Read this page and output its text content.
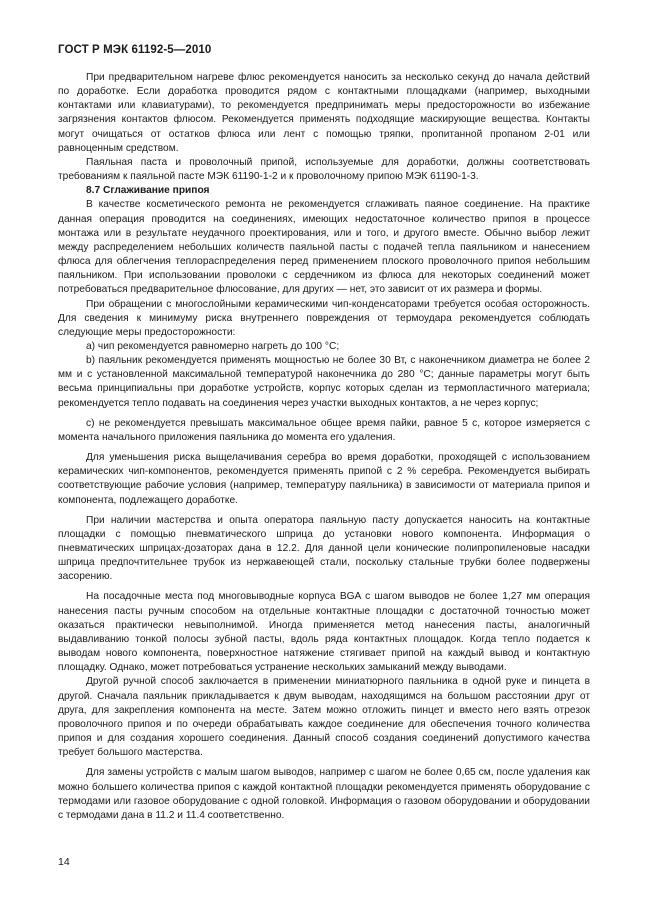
ГОСТ Р МЭК 61192-5—2010

При предварительном нагреве флюс рекомендуется наносить за несколько секунд до начала действий по доработке. Если доработка проводится рядом с контактными площадками (например, выходными контактами или клавиатурами), то рекомендуется предпринимать меры предосторожности во избежание загрязнения контактов флюсом. Рекомендуется применять подходящие маскирующие вещества. Контакты могут очищаться от остатков флюса или лент с помощью тряпки, пропитанной пропаном 2-01 или равноценным средством.

Паяльная паста и проволочный припой, используемые для доработки, должны соответствовать требованиям к паяльной пасте МЭК 61190-1-2 и к проволочному припою МЭК 61190-1-3.

8.7 Сглаживание припоя

В качестве косметического ремонта не рекомендуется сглаживать паяное соединение. На практике данная операция проводится на соединениях, имеющих недостаточное количество припоя в процессе монтажа или в результате неудачного проектирования, или и того, и другого вместе. Обычно выбор лежит между распределением небольших количеств паяльной пасты с подачей тепла паяльником и нанесением флюса для облегчения теплораспределения перед применением плоского проволочного припоя небольшим паяльником. При использовании проволоки с сердечником из флюса для некоторых соединений может потребоваться предварительное флюсование, для других — нет, это зависит от их размера и формы.

При обращении с многослойными керамическими чип-конденсаторами требуется особая осторожность. Для сведения к минимуму риска внутреннего повреждения от термоудара рекомендуется соблюдать следующие меры предосторожности:

a) чип рекомендуется равномерно нагреть до 100 °C;

b) паяльник рекомендуется применять мощностью не более 30 Вт, с наконечником диаметра не более 2 мм и с установленной максимальной температурой наконечника до 280 °C; данные параметры могут быть весьма принципиальны при доработке устройств, корпус которых сделан из термопластичного материала; рекомендуется тепло подавать на соединения через участки выходных контактов, а не через корпус;

c) не рекомендуется превышать максимальное общее время пайки, равное 5 с, которое измеряется с момента начального приложения паяльника до момента его удаления.

Для уменьшения риска выщелачивания серебра во время доработки, проходящей с использованием керамических чип-компонентов, рекомендуется применять припой с 2 % серебра. Рекомендуется выбирать соответствующие рабочие условия (например, температуру паяльника) в зависимости от материала припоя и компонента, подлежащего доработке.

При наличии мастерства и опыта оператора паяльную пасту допускается наносить на контактные площадки с помощью пневматического шприца до установки нового компонента. Информация о пневматических шприцах-дозаторах дана в 12.2. Для данной цели конические полипропиленовые насадки шприца предпочтительнее трубок из нержавеющей стали, поскольку стальные трубки более подвержены засорению.

На посадочные места под многовыводные корпуса BGA с шагом выводов не более 1,27 мм операция нанесения пасты ручным способом на отдельные контактные площадки с достаточной точностью может оказаться практически невыполнимой. Иногда применяется метод нанесения пасты, аналогичный выдавливанию тонкой полосы зубной пасты, вдоль ряда контактных площадок. Когда тепло подается к выводам нового компонента, поверхностное натяжение стягивает припой на каждый вывод и контактную площадку. Однако, может потребоваться устранение нескольких замыканий между выводами.

Другой ручной способ заключается в применении миниатюрного паяльника в одной руке и пинцета в другой. Сначала паяльник прикладывается к двум выводам, находящимся на большом расстоянии друг от друга, для закрепления компонента на месте. Затем можно отложить пинцет и вместо него взять отрезок проволочного припоя и по очереди обрабатывать каждое соединение для обеспечения точного количества припоя и для создания хорошего соединения. Данный способ создания соединений допустимого качества требует большого мастерства.

Для замены устройств с малым шагом выводов, например с шагом не более 0,65 см, после удаления как можно большего количества припоя с каждой контактной площадки рекомендуется применять оборудование с термодами или газовое оборудование с одной головкой. Информация о газовом оборудовании и оборудовании с термодами дана в 11.2 и 11.4 соответственно.

14
